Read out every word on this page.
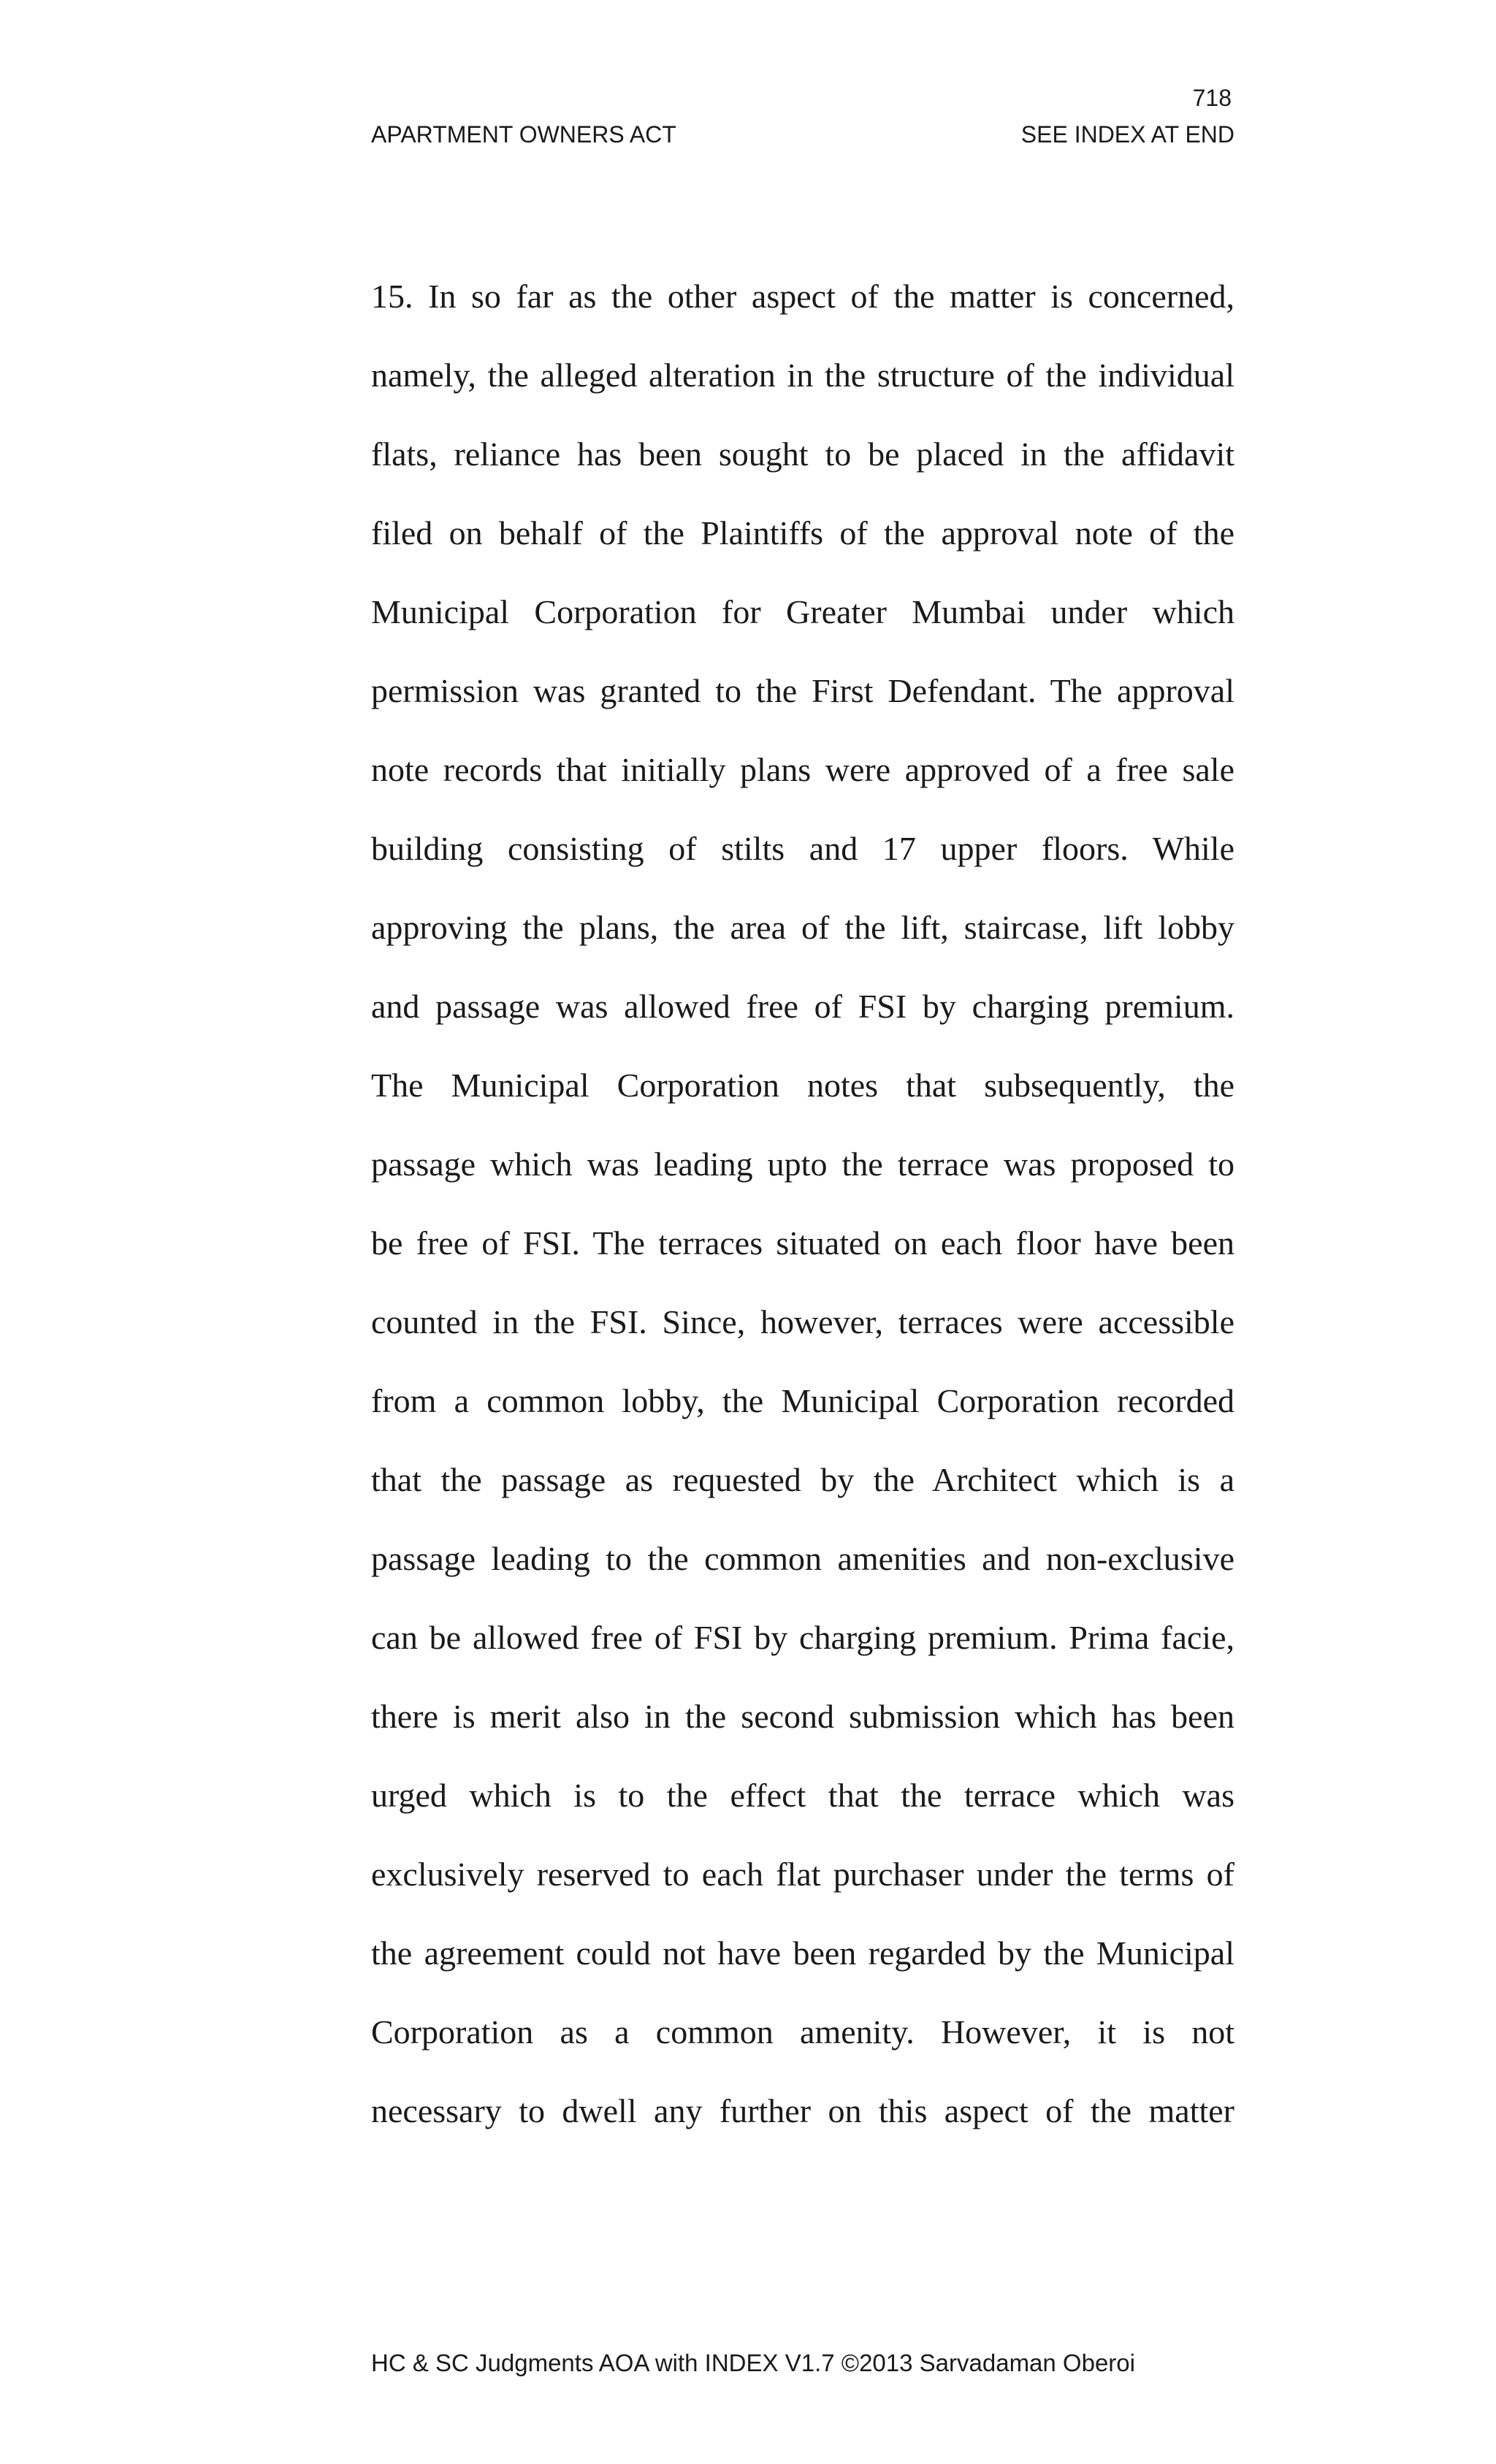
718
APARTMENT OWNERS ACT	SEE INDEX AT END
15. In so far as the other aspect of the matter is concerned,
namely, the alleged alteration in the structure of the individual
flats, reliance has been sought to be placed in the affidavit
filed on behalf of the Plaintiffs of the approval note of the
Municipal Corporation for Greater Mumbai under which
permission was granted to the First Defendant. The approval
note records that initially plans were approved of a free sale
building consisting of stilts and 17 upper floors. While
approving the plans, the area of the lift, staircase, lift lobby
and passage was allowed free of FSI by charging premium.
The Municipal Corporation notes that subsequently, the
passage which was leading upto the terrace was proposed to
be free of FSI. The terraces situated on each floor have been
counted in the FSI. Since, however, terraces were accessible
from a common lobby, the Municipal Corporation recorded
that the passage as requested by the Architect which is a
passage leading to the common amenities and non-exclusive
can be allowed free of FSI by charging premium. Prima facie,
there is merit also in the second submission which has been
urged which is to the effect that the terrace which was
exclusively reserved to each flat purchaser under the terms of
the agreement could not have been regarded by the Municipal
Corporation as a common amenity. However, it is not
necessary to dwell any further on this aspect of the matter
HC & SC Judgments AOA with INDEX V1.7 ©2013 Sarvadaman Oberoi
